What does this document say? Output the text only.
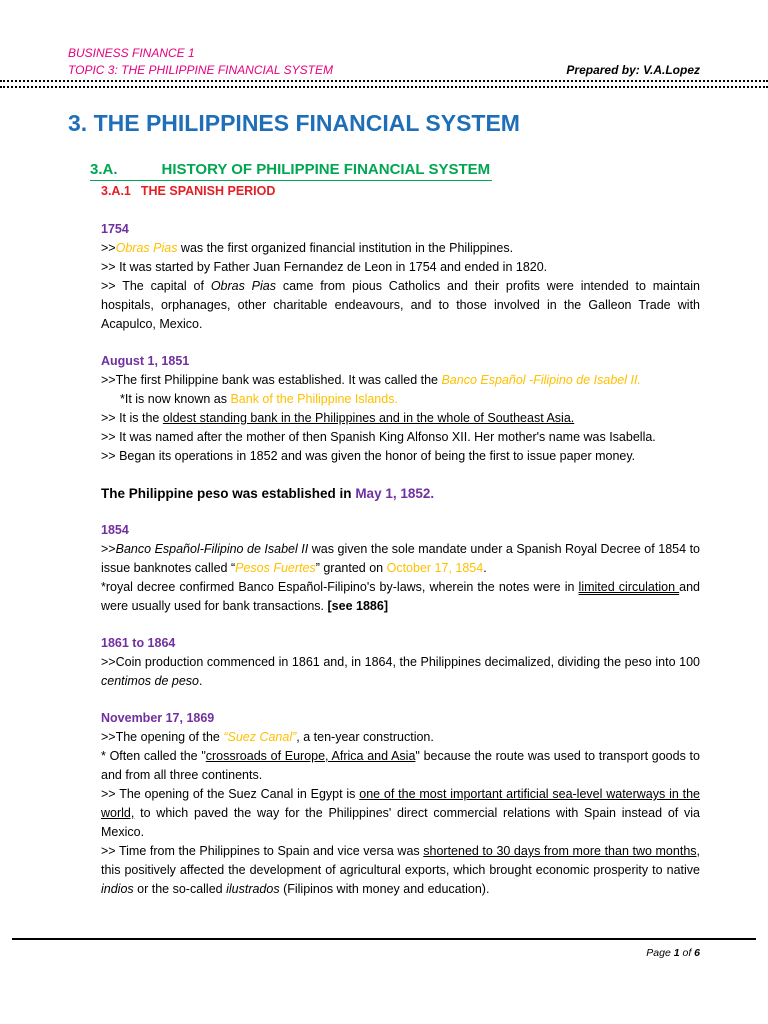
BUSINESS FINANCE 1
TOPIC 3: THE PHILIPPINE FINANCIAL SYSTEM	Prepared by: V.A.Lopez
3. THE PHILIPPINES FINANCIAL SYSTEM
3.A.	HISTORY OF PHILIPPINE FINANCIAL SYSTEM
3.A.1 THE SPANISH PERIOD

1754

>>Obras Pias was the first organized financial institution in the Philippines.

>> It was started by Father Juan Fernandez de Leon in 1754 and ended in 1820.

>> The capital of Obras Pias came from pious Catholics and their profits were intended to maintain hospitals, orphanages, other charitable endeavours, and to those involved in the Galleon Trade with Acapulco, Mexico.

August 1, 1851

>>The first Philippine bank was established. It was called the Banco Español -Filipino de Isabel II.

*It is now known as Bank of the Philippine Islands.

>> It is the oldest standing bank in the Philippines and in the whole of Southeast Asia.

>> It was named after the mother of then Spanish King Alfonso XII. Her mother's name was Isabella.

>> Began its operations in 1852 and was given the honor of being the first to issue paper money.

The Philippine peso was established in May 1, 1852.

1854

>>Banco Español-Filipino de Isabel II was given the sole mandate under a Spanish Royal Decree of 1854 to issue banknotes called “Pesos Fuertes” granted on October 17, 1854.

*royal decree confirmed Banco Español-Filipino's by-laws, wherein the notes were in limited circulation and were usually used for bank transactions. [see 1886]

1861 to 1864

>>Coin production commenced in 1861 and, in 1864, the Philippines decimalized, dividing the peso into 100 centimos de peso.

November 17, 1869

>>The opening of the “Suez Canal”, a ten-year construction.

* Often called the "crossroads of Europe, Africa and Asia" because the route was used to transport goods to and from all three continents.

>> The opening of the Suez Canal in Egypt is one of the most important artificial sea-level waterways in the world, to which paved the way for the Philippines' direct commercial relations with Spain instead of via Mexico.

>> Time from the Philippines to Spain and vice versa was shortened to 30 days from more than two months, this positively affected the development of agricultural exports, which brought economic prosperity to native indios or the so-called ilustrados (Filipinos with money and education).

Page 1 of 6
